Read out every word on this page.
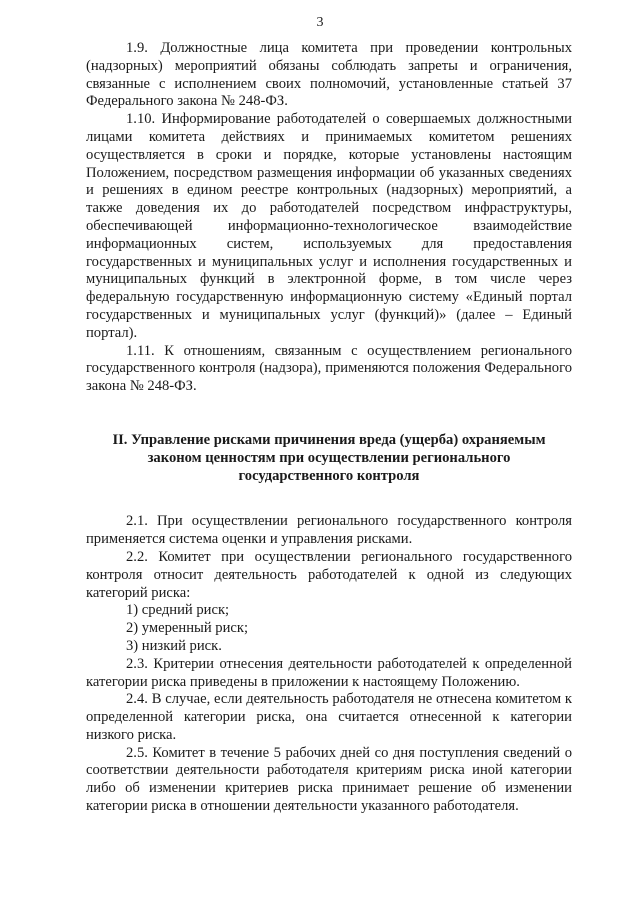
3

1.9. Должностные лица комитета при проведении контрольных (надзорных) мероприятий обязаны соблюдать запреты и ограничения, связанные с исполнением своих полномочий, установленные статьей 37 Федерального закона № 248-ФЗ.

1.10. Информирование работодателей о совершаемых должностными лицами комитета действиях и принимаемых комитетом решениях осуществляется в сроки и порядке, которые установлены настоящим Положением, посредством размещения информации об указанных сведениях и решениях в едином реестре контрольных (надзорных) мероприятий, а также доведения их до работодателей посредством инфраструктуры, обеспечивающей информационно-технологическое взаимодействие информационных систем, используемых для предоставления государственных и муниципальных услуг и исполнения государственных и муниципальных функций в электронной форме, в том числе через федеральную государственную информационную систему «Единый портал государственных и муниципальных услуг (функций)» (далее – Единый портал).

1.11. К отношениям, связанным с осуществлением регионального государственного контроля (надзора), применяются положения Федерального закона № 248-ФЗ.

II. Управление рисками причинения вреда (ущерба) охраняемым законом ценностям при осуществлении регионального государственного контроля

2.1. При осуществлении регионального государственного контроля применяется система оценки и управления рисками.

2.2. Комитет при осуществлении регионального государственного контроля относит деятельность работодателей к одной из следующих категорий риска:

1) средний риск;

2) умеренный риск;

3) низкий риск.

2.3. Критерии отнесения деятельности работодателей к определенной категории риска приведены в приложении к настоящему Положению.

2.4. В случае, если деятельность работодателя не отнесена комитетом к определенной категории риска, она считается отнесенной к категории низкого риска.

2.5. Комитет в течение 5 рабочих дней со дня поступления сведений о соответствии деятельности работодателя критериям риска иной категории либо об изменении критериев риска принимает решение об изменении категории риска в отношении деятельности указанного работодателя.
